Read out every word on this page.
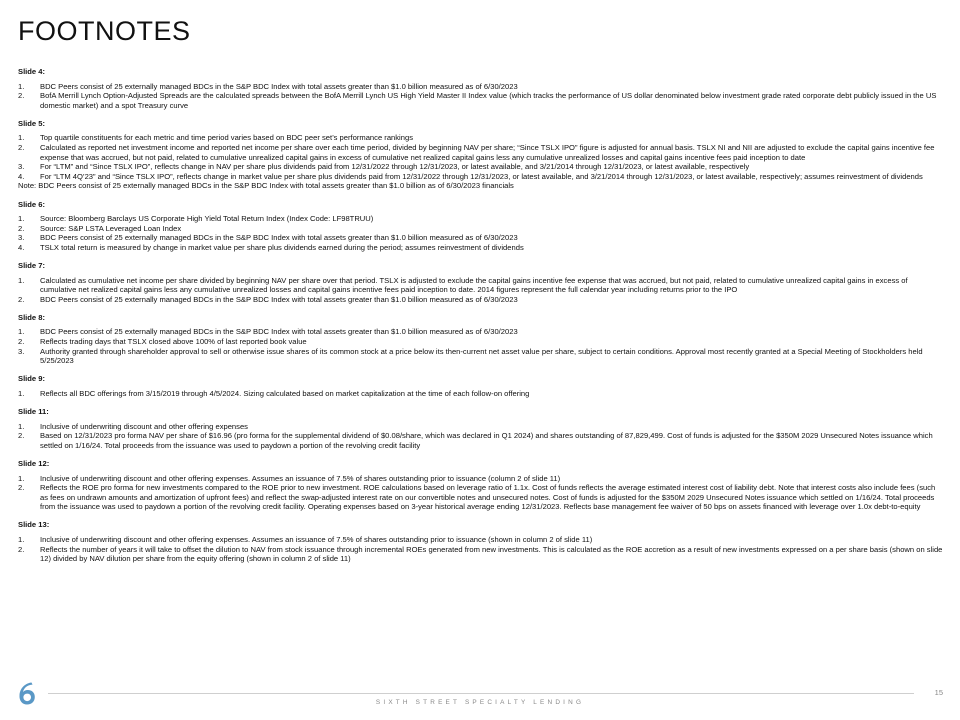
FOOTNOTES
Slide 4:
1.	BDC Peers consist of 25 externally managed BDCs in the S&P BDC Index with total assets greater than $1.0 billion measured as of 6/30/2023
2.	BofA Merrill Lynch Option-Adjusted Spreads are the calculated spreads between the BofA Merrill Lynch US High Yield Master II Index value (which tracks the performance of US dollar denominated below investment grade rated corporate debt publicly issued in the US domestic market) and a spot Treasury curve
Slide 5:
1.	Top quartile constituents for each metric and time period varies based on BDC peer set’s performance rankings
2.	Calculated as reported net investment income and reported net income per share over each time period, divided by beginning NAV per share; “Since TSLX IPO” figure is adjusted for annual basis. TSLX NI and NII are adjusted to exclude the capital gains incentive fee expense that was accrued, but not paid, related to cumulative unrealized capital gains in excess of cumulative net realized capital gains less any cumulative unrealized losses and capital gains incentive fees paid inception to date
3.	For “LTM” and “Since TSLX IPO”, reflects change in NAV per share plus dividends paid from 12/31/2022 through 12/31/2023, or latest available, and 3/21/2014 through 12/31/2023, or latest available, respectively
4.	For “LTM 4Q’23” and “Since TSLX IPO”, reflects change in market value per share plus dividends paid from 12/31/2022 through 12/31/2023, or latest available, and 3/21/2014 through 12/31/2023, or latest available, respectively; assumes reinvestment of dividends
Note: BDC Peers consist of 25 externally managed BDCs in the S&P BDC Index with total assets greater than $1.0 billion as of 6/30/2023 financials
Slide 6:
1.	Source: Bloomberg Barclays US Corporate High Yield Total Return Index (Index Code: LF98TRUU)
2.	Source: S&P LSTA Leveraged Loan Index
3.	BDC Peers consist of 25 externally managed BDCs in the S&P BDC Index with total assets greater than $1.0 billion measured as of 6/30/2023
4.	TSLX total return is measured by change in market value per share plus dividends earned during the period; assumes reinvestment of dividends
Slide 7:
1.	Calculated as cumulative net income per share divided by beginning NAV per share over that period. TSLX is adjusted to exclude the capital gains incentive fee expense that was accrued, but not paid, related to cumulative unrealized capital gains in excess of cumulative net realized capital gains less any cumulative unrealized losses and capital gains incentive fees paid inception to date. 2014 figures represent the full calendar year including returns prior to the IPO
2.	BDC Peers consist of 25 externally managed BDCs in the S&P BDC Index with total assets greater than $1.0 billion measured as of 6/30/2023
Slide 8:
1.	BDC Peers consist of 25 externally managed BDCs in the S&P BDC Index with total assets greater than $1.0 billion measured as of 6/30/2023
2.	Reflects trading days that TSLX closed above 100% of last reported book value
3.	Authority granted through shareholder approval to sell or otherwise issue shares of its common stock at a price below its then-current net asset value per share, subject to certain conditions. Approval most recently granted at a Special Meeting of Stockholders held 5/25/2023
Slide 9:
1.	Reflects all BDC offerings from 3/15/2019 through 4/5/2024. Sizing calculated based on market capitalization at the time of each follow-on offering
Slide 11:
1.	Inclusive of underwriting discount and other offering expenses
2.	Based on 12/31/2023 pro forma NAV per share of $16.96 (pro forma for the supplemental dividend of $0.08/share, which was declared in Q1 2024) and shares outstanding of 87,829,499. Cost of funds is adjusted for the $350M 2029 Unsecured Notes issuance which settled on 1/16/24. Total proceeds from the issuance was used to paydown a portion of the revolving credit facility
Slide 12:
1.	Inclusive of underwriting discount and other offering expenses. Assumes an issuance of 7.5% of shares outstanding prior to issuance (column 2 of slide 11)
2.	Reflects the ROE pro forma for new investments compared to the ROE prior to new investment. ROE calculations based on leverage ratio of 1.1x. Cost of funds reflects the average estimated interest cost of liability debt. Note that interest costs also include fees (such as fees on undrawn amounts and amortization of upfront fees) and reflect the swap-adjusted interest rate on our convertible notes and unsecured notes. Cost of funds is adjusted for the $350M 2029 Unsecured Notes issuance which settled on 1/16/24. Total proceeds from the issuance was used to paydown a portion of the revolving credit facility. Operating expenses based on 3-year historical average ending 12/31/2023. Reflects base management fee waiver of 50 bps on assets financed with leverage over 1.0x debt-to-equity
Slide 13:
1.	Inclusive of underwriting discount and other offering expenses. Assumes an issuance of 7.5% of shares outstanding prior to issuance (shown in column 2 of slide 11)
2.	Reflects the number of years it will take to offset the dilution to NAV from stock issuance through incremental ROEs generated from new investments. This is calculated as the ROE accretion as a result of new investments expressed on a per share basis (shown on slide 12) divided by NAV dilution per share from the equity offering (shown in column 2 of slide 11)
SIXTH STREET SPECIALTY LENDING
15
